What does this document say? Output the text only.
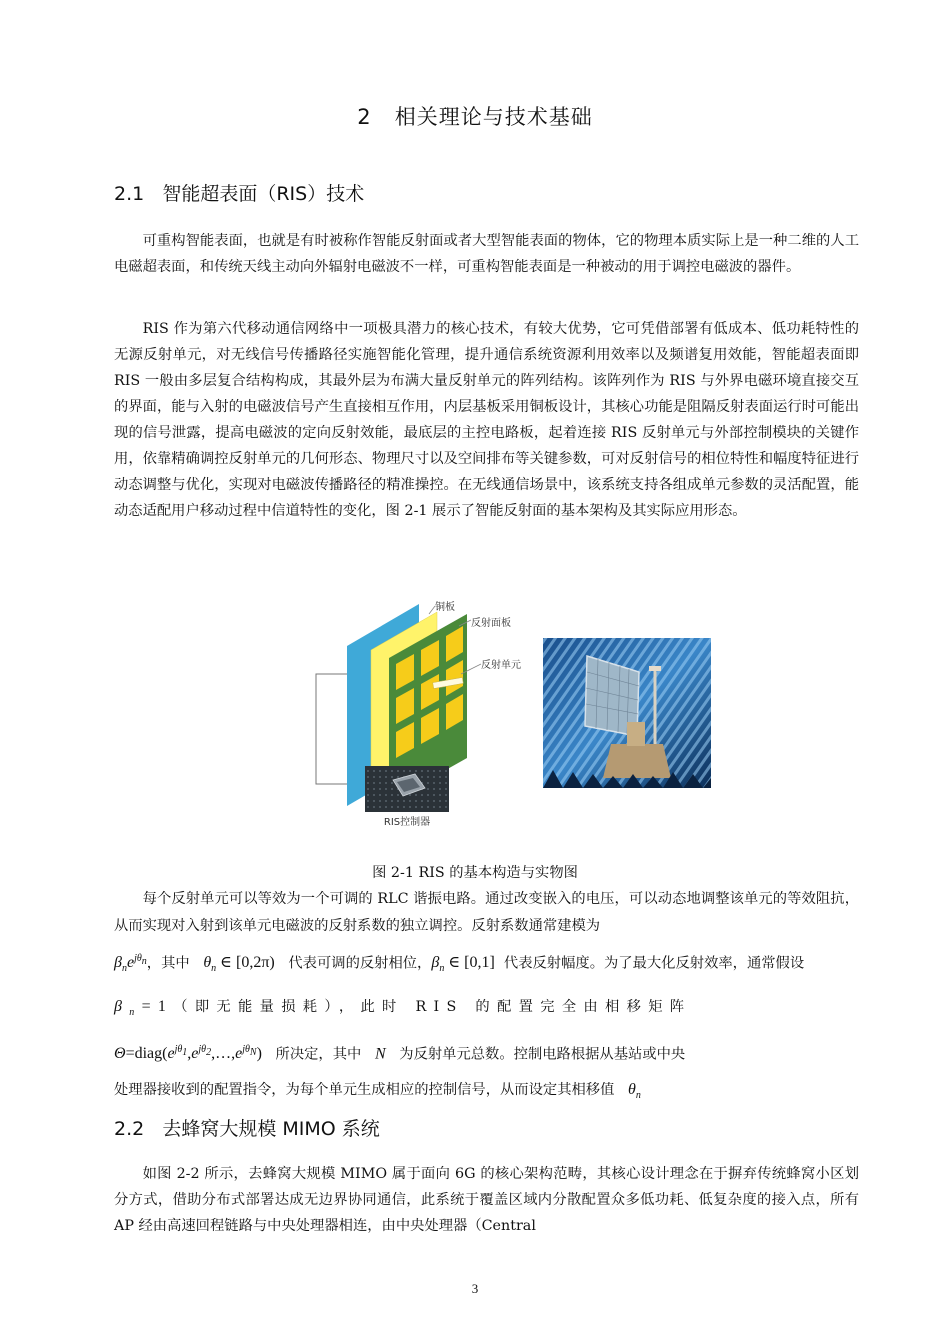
2 相关理论与技术基础
2.1 智能超表面（RIS）技术

可重构智能表面，也就是有时被称作智能反射面或者大型智能表面的物体，它的物理本质实际上是一种二维的人工电磁超表面，和传统天线主动向外辐射电磁波不一样，可重构智能表面是一种被动的用于调控电磁波的器件。

RIS 作为第六代移动通信网络中一项极具潜力的核心技术，有较大优势，它可凭借部署有低成本、低功耗特性的无源反射单元，对无线信号传播路径实施智能化管理，提升通信系统资源利用效率以及频谱复用效能，智能超表面即 RIS 一般由多层复合结构构成，其最外层为布满大量反射单元的阵列结构。该阵列作为 RIS 与外界电磁环境直接交互的界面，能与入射的电磁波信号产生直接相互作用，内层基板采用铜板设计，其核心功能是阻隔反射表面运行时可能出现的信号泄露，提高电磁波的定向反射效能，最底层的主控电路板，起着连接 RIS 反射单元与外部控制模块的关键作用，依靠精确调控反射单元的几何形态、物理尺寸以及空间排布等关键参数，可对反射信号的相位特性和幅度特征进行动态调整与优化，实现对电磁波传播路径的精准操控。在无线通信场景中，该系统支持各组成单元参数的灵活配置，能动态适配用户移动过程中信道特性的变化，图 2-1 展示了智能反射面的基本架构及其实际应用形态。

铜板
反射面板
反射单元
RIS控制器
图 2-1 RIS 的基本构造与实物图
每个反射单元可以等效为一个可调的 RLC 谐振电路。通过改变嵌入的电压，可以动态地调整该单元的等效阻抗，从而实现对入射到该单元电磁波的反射系数的独立调控。反射系数通常建模为
$\beta_ne^{j\theta_n}$，其中 $\theta_n$ ∈ [0,2π) 代表可调的反射相位，$\beta_n$ ∈ [0,1] 代表反射幅度。为了最大化反射效率，通常假设
$\beta_n=1$（即无能量损耗），此时 RIS 的配置完全由相移矩阵
$\Theta=diag(e^{j\theta_1},e^{j\theta_2},\dots,e^{j\theta_N})$ 所决定，其中 N 为反射单元总数。控制电路根据从基站或中央
处理器接收到的配置指令，为每个单元生成相应的控制信号，从而设定其相移值 $\theta_n$
2.2 去蜂窝大规模 MIMO 系统

如图 2-2 所示，去蜂窝大规模 MIMO 属于面向 6G 的核心架构范畴，其核心设计理念在于摒弃传统蜂窝小区划分方式，借助分布式部署达成无边界协同通信，此系统于覆盖区域内分散配置众多低功耗、低复杂度的接入点，所有 AP 经由高速回程链路与中央处理器相连，由中央处理器（Central

3
